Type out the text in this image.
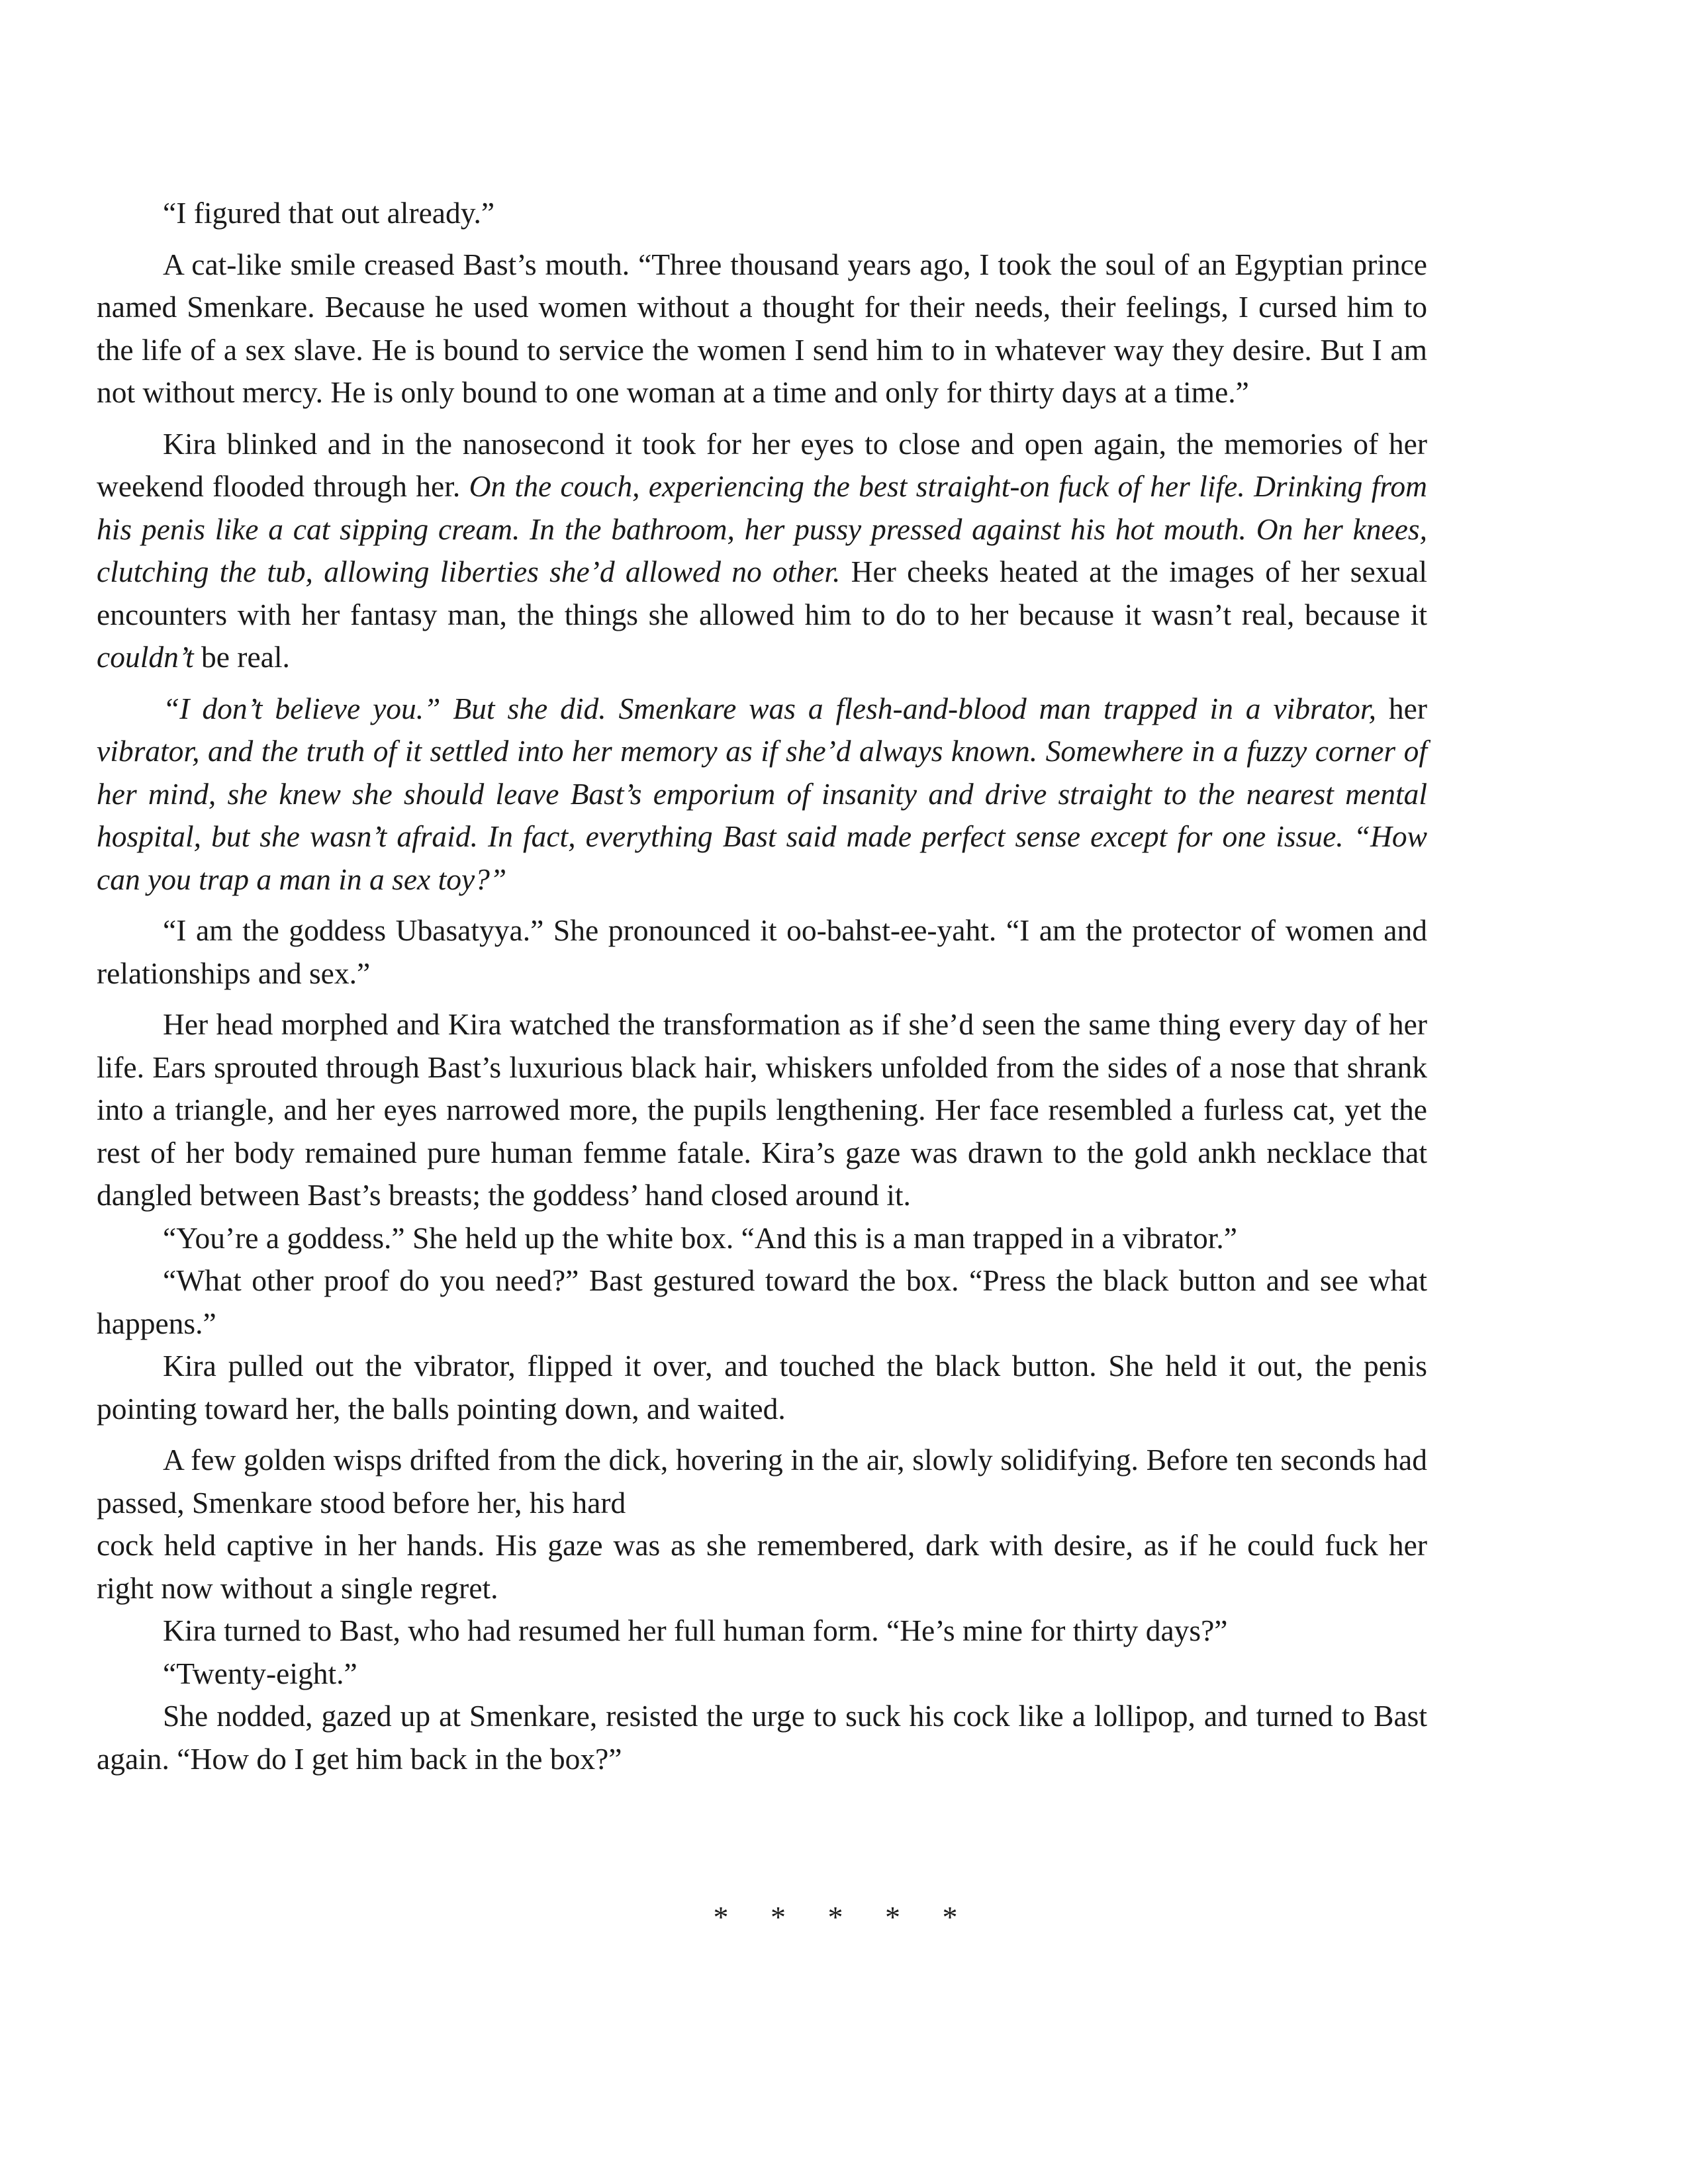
“I figured that out already.”

A cat-like smile creased Bast’s mouth. “Three thousand years ago, I took the soul of an Egyptian prince named Smenkare. Because he used women without a thought for their needs, their feelings, I cursed him to the life of a sex slave. He is bound to service the women I send him to in whatever way they desire. But I am not without mercy. He is only bound to one woman at a time and only for thirty days at a time.”

Kira blinked and in the nanosecond it took for her eyes to close and open again, the memories of her weekend flooded through her. On the couch, experiencing the best straight-on fuck of her life. Drinking from his penis like a cat sipping cream. In the bathroom, her pussy pressed against his hot mouth. On her knees, clutching the tub, allowing liberties she’d allowed no other. Her cheeks heated at the images of her sexual encounters with her fantasy man, the things she allowed him to do to her because it wasn’t real, because it couldn’t be real.

“I don’t believe you.” But she did. Smenkare was a flesh-and-blood man trapped in a vibrator, her vibrator, and the truth of it settled into her memory as if she’d always known. Somewhere in a fuzzy corner of her mind, she knew she should leave Bast’s emporium of insanity and drive straight to the nearest mental hospital, but she wasn’t afraid. In fact, everything Bast said made perfect sense except for one issue. “How can you trap a man in a sex toy?”

“I am the goddess Ubasatyya.” She pronounced it oo-bahst-ee-yaht. “I am the protector of women and relationships and sex.”

Her head morphed and Kira watched the transformation as if she’d seen the same thing every day of her life. Ears sprouted through Bast’s luxurious black hair, whiskers unfolded from the sides of a nose that shrank into a triangle, and her eyes narrowed more, the pupils lengthening. Her face resembled a furless cat, yet the rest of her body remained pure human femme fatale. Kira’s gaze was drawn to the gold ankh necklace that dangled between Bast’s breasts; the goddess’ hand closed around it.

“You’re a goddess.” She held up the white box. “And this is a man trapped in a vibrator.”

“What other proof do you need?” Bast gestured toward the box. “Press the black button and see what happens.”

Kira pulled out the vibrator, flipped it over, and touched the black button. She held it out, the penis pointing toward her, the balls pointing down, and waited.

A few golden wisps drifted from the dick, hovering in the air, slowly solidifying. Before ten seconds had passed, Smenkare stood before her, his hard

cock held captive in her hands. His gaze was as she remembered, dark with desire, as if he could fuck her right now without a single regret.

Kira turned to Bast, who had resumed her full human form. “He’s mine for thirty days?”

“Twenty-eight.”

She nodded, gazed up at Smenkare, resisted the urge to suck his cock like a lollipop, and turned to Bast again. “How do I get him back in the box?”

* * * * *
